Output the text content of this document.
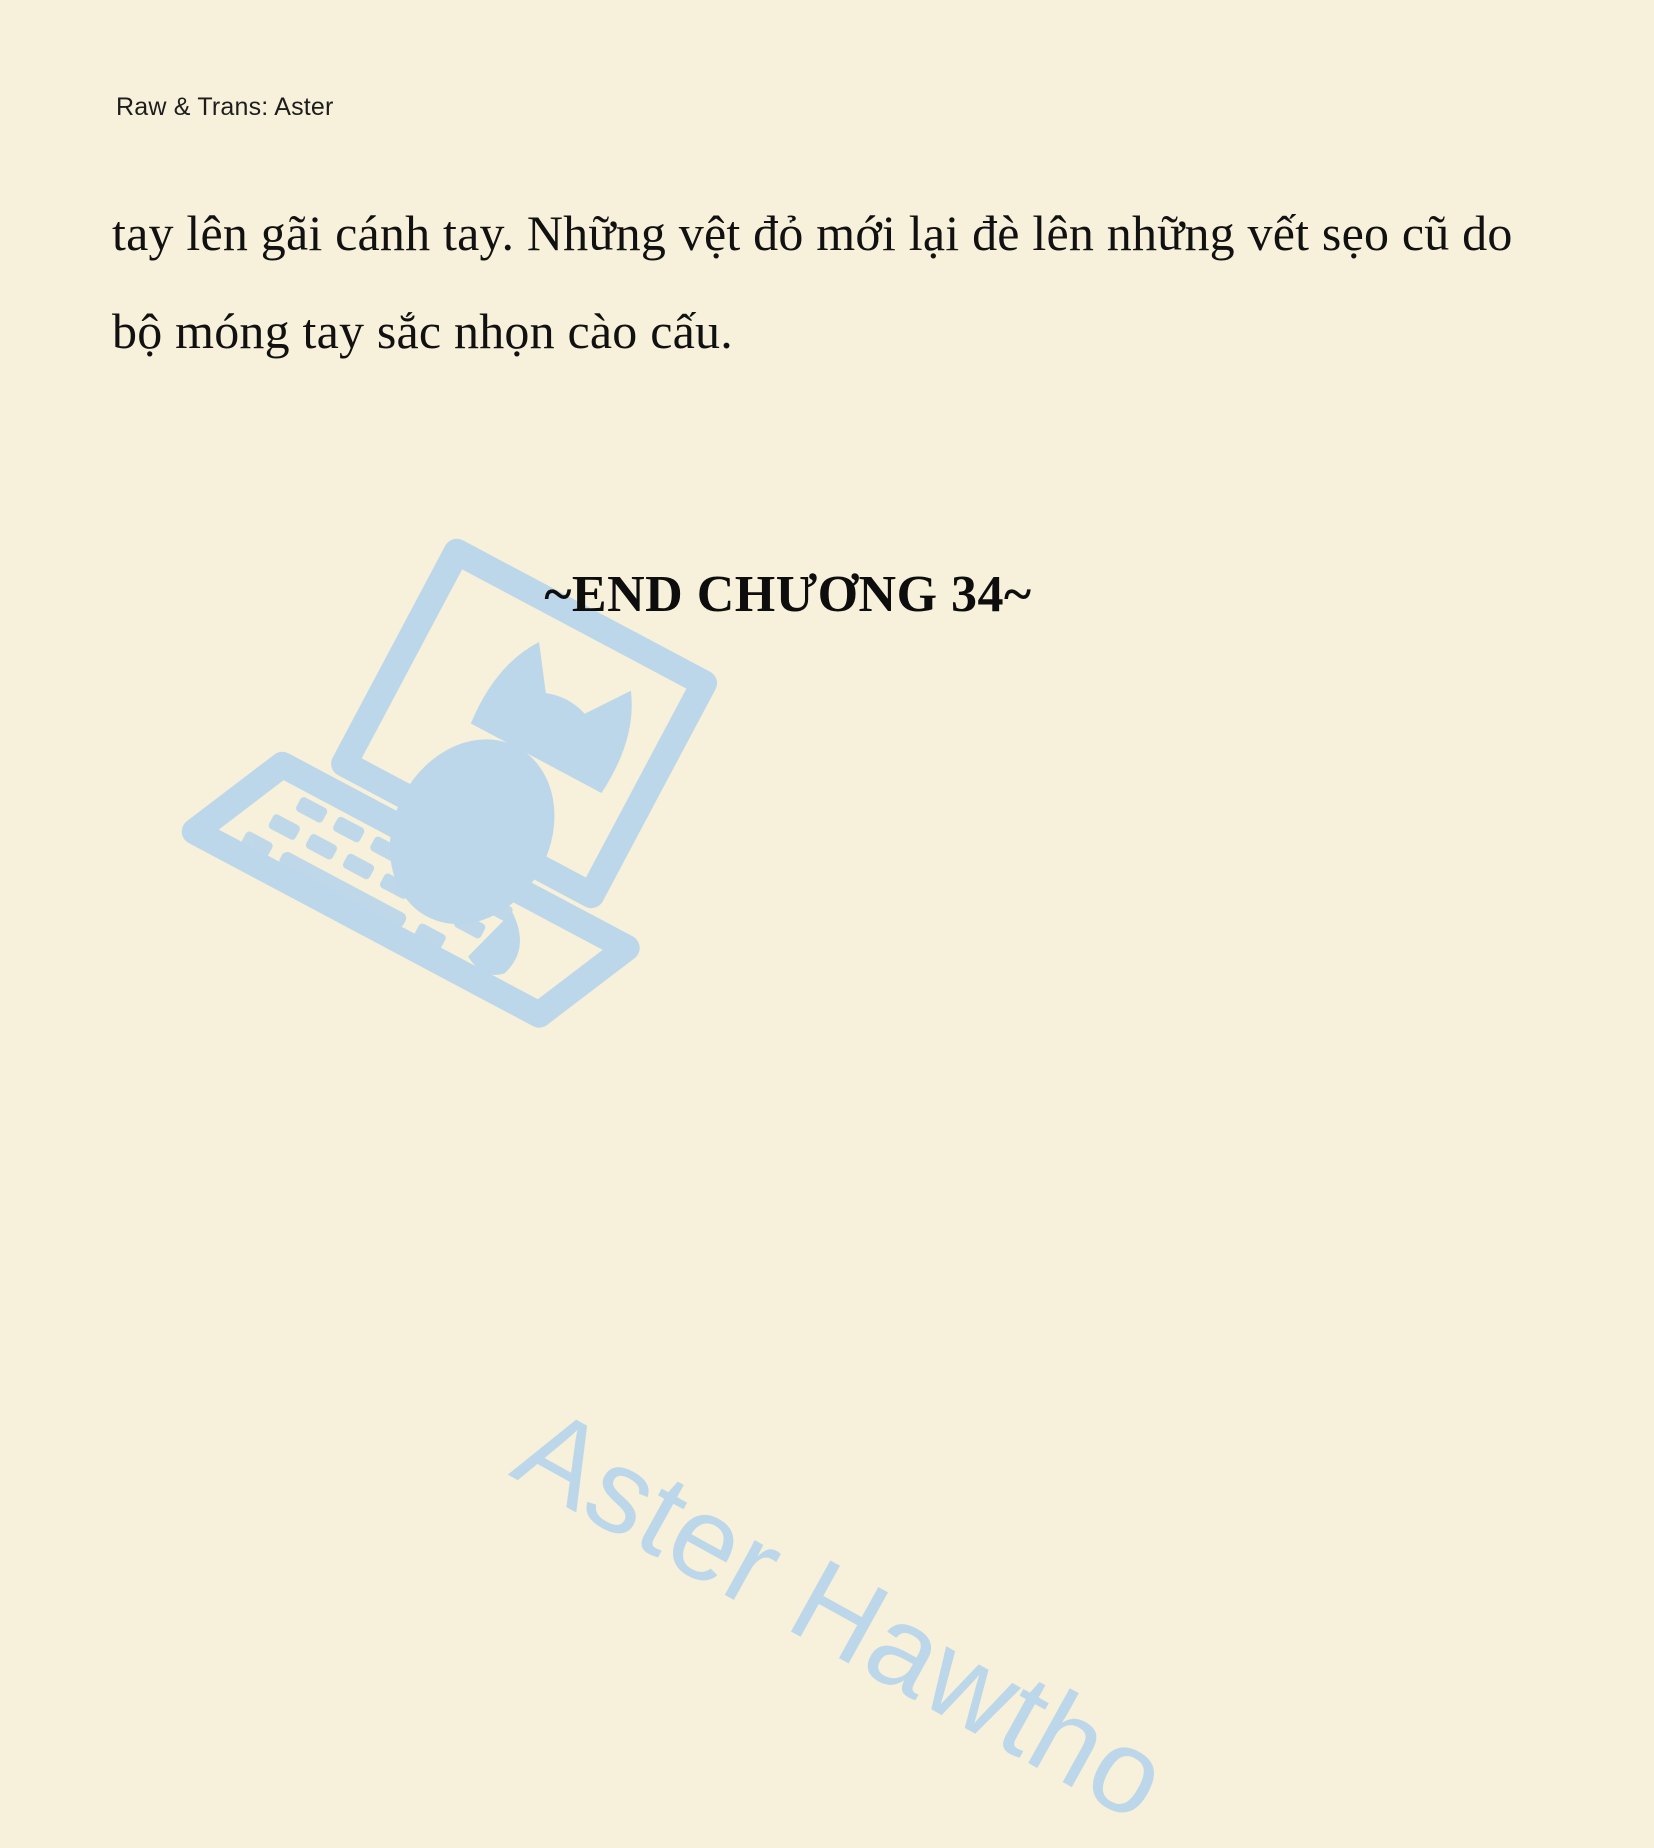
Raw & Trans: Aster
tay lên gãi cánh tay. Những vệt đỏ mới lại đè lên những vết sẹo cũ do bộ móng tay sắc nhọn cào cấu.
Aster Hawtho
~END CHƯƠNG 34~
